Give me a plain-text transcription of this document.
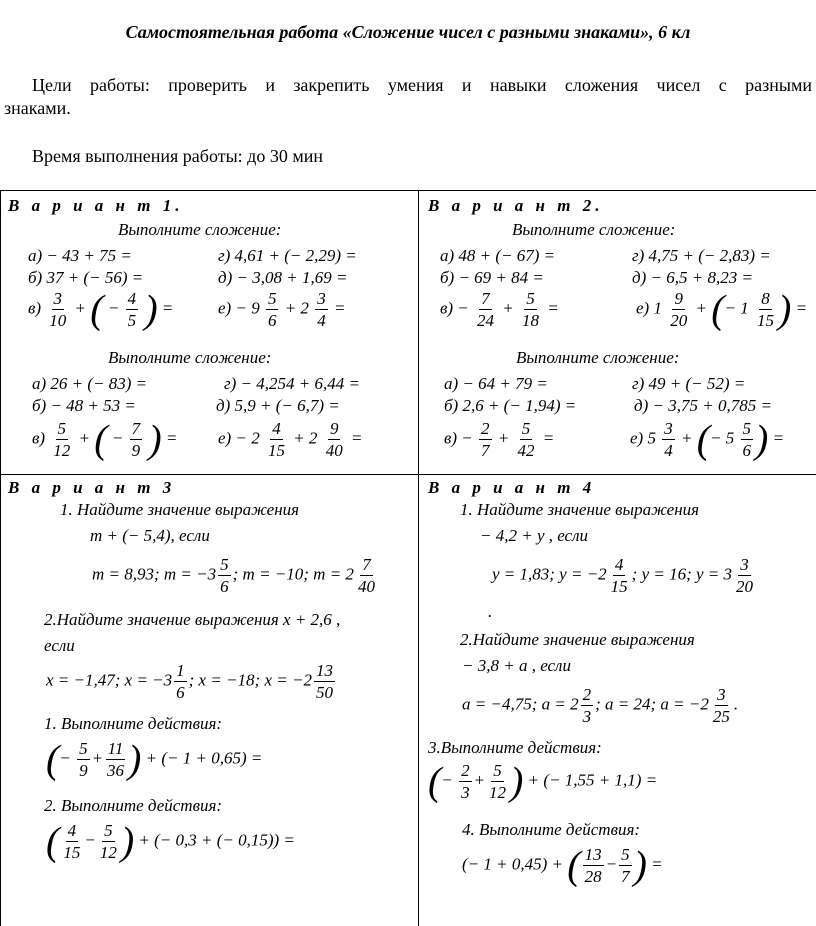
Самостоятельная работа «Сложение чисел с разными знаками», 6 кл
Цели работы: проверить и закрепить умения и навыки сложения чисел с разными
знаками.
Время выполнения работы: до 30 мин
В а р и а н т 1.
Выполните сложение:
а) − 43 + 75 =	г) 4,61 + (− 2,29) =
б) 37 + (− 56) =	д) − 3,08 + 1,69 =
$в) \frac{3}{10}$ + ( − $\frac{4}{5}$ ) =	$е) - 9 \frac{5}{6} + 2 \frac{3}{4}$ =
Выполните сложение:
а) 26 + (− 83) =	г) − 4,254 + 6,44 =
б) − 48 + 53 =	д) 5,9 + (− 6,7) =
$в) \frac{5}{12}$ + ( − $\frac{7}{9}$ ) = $е) - 2 \frac{4}{15} + 2 \frac{9}{40}$ =
В а р и а н т 2.
Выполните сложение:
а) 48 + (− 67) =	г) 4,75 + (− 2,83) =
б) − 69 + 84 =	д) − 6,5 + 8,23 =
$в) - \frac{7}{24} + \frac{5}{18}$ =	е) $1 \frac{9}{20}$ + (− $1 \frac{8}{15}$ ) =
Выполните сложение:
а) − 64 + 79 =	г) 49 + (− 52) =
б) 2,6 + (− 1,94) =	д) − 3,75 + 0,785 =
$в) - \frac{2}{7} + \frac{5}{42}$ =	е) $5 \frac{3}{4}$ + (− $5 \frac{5}{6}$ ) =
В а р и а н т 3
1. Найдите значение выражения
m + (− 5,4), если
m = 8,93; $m = -3 \frac{5}{6}$ ; m = −10; $m = 2 \frac{7}{40}$
2.Найдите значение выражения x + 2,6 ,
если
x = −1,47; $x = -3 \frac{1}{6}$ ; x = −18; $x = -2 \frac{13}{50}$
1. Выполните действия:
(− $\frac{5}{9} + \frac{11}{36}$ ) + (− 1 + 0,65) =
2. Выполните действия:
( $\frac{4}{15} - \frac{5}{12}$ ) + (− 0,3 + (− 0,15)) =
В а р и а н т 4
1. Найдите значение выражения
− 4,2 + y , если
y = 1,83; $y = -2 \frac{4}{15}$ ; y = 16; $y = 3 \frac{3}{20}$
.
2.Найдите значение выражения
− 3,8 + a , если
a = −4,75; $a = 2 \frac{2}{3}$ ; a = 24; $a = -2 \frac{3}{25}$ .
3.Выполните действия:
(− $\frac{2}{3} + \frac{5}{12}$ ) + (− 1,55 + 1,1) =
4. Выполните действия:
(− 1 + 0,45) + ( $\frac{13}{28} - \frac{5}{7}$ ) =
